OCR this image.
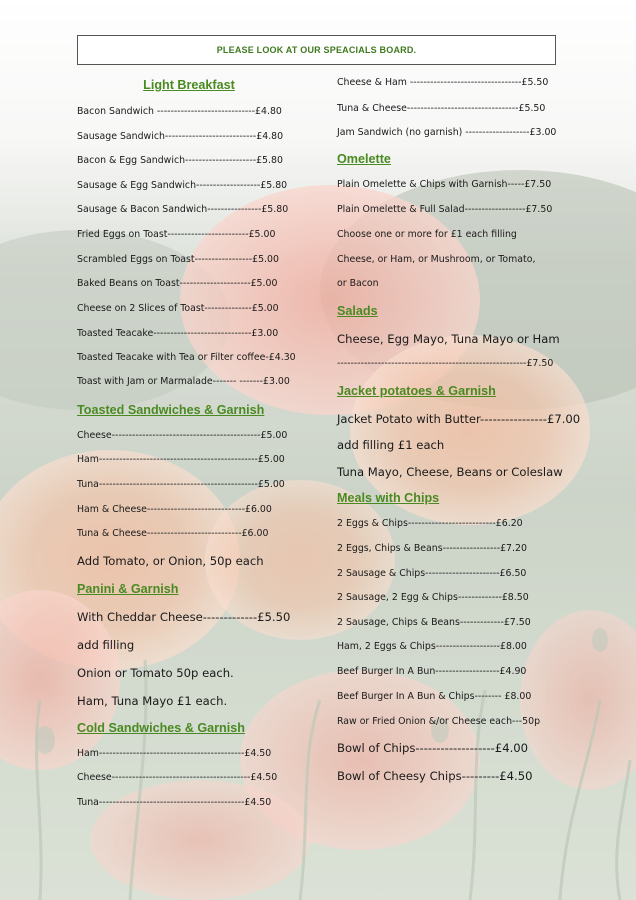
PLEASE LOOK AT OUR SPEACIALS BOARD.
Light Breakfast
Bacon Sandwich -----------------------------£4.80
Sausage Sandwich---------------------------£4.80
Bacon & Egg Sandwich---------------------£5.80
Sausage & Egg Sandwich-------------------£5.80
Sausage & Bacon Sandwich----------------£5.80
Fried Eggs on Toast------------------------£5.00
Scrambled Eggs on Toast-----------------£5.00
Baked Beans on Toast---------------------£5.00
Cheese on 2 Slices of Toast--------------£5.00
Toasted Teacake-----------------------------£3.00
Toasted Teacake with Tea or Filter coffee-£4.30
Toast with Jam or Marmalade------- -------£3.00
Toasted Sandwiches & Garnish
Cheese--------------------------------------------£5.00
Ham-----------------------------------------------£5.00
Tuna-----------------------------------------------£5.00
Ham & Cheese-----------------------------£6.00
Tuna & Cheese----------------------------£6.00
Add Tomato, or Onion, 50p each
Panini & Garnish
With Cheddar Cheese-------------£5.50
add filling
Onion or Tomato 50p each.
Ham, Tuna Mayo £1 each.
Cold Sandwiches & Garnish
Ham-------------------------------------------£4.50
Cheese-----------------------------------------£4.50
Tuna-------------------------------------------£4.50
Cheese & Ham ---------------------------------£5.50
Tuna & Cheese---------------------------------£5.50
Jam Sandwich (no garnish) -------------------£3.00
Omelette
Plain Omelette & Chips with Garnish-----£7.50
Plain Omelette & Full Salad------------------£7.50
Choose one or more for £1 each filling
Cheese, or Ham, or Mushroom, or Tomato,
or Bacon
Salads
Cheese, Egg Mayo, Tuna Mayo or Ham
--------------------------------------------------------£7.50
Jacket potatoes & Garnish
Jacket Potato with Butter----------------£7.00
add filling £1 each
Tuna Mayo, Cheese, Beans or Coleslaw
Meals with Chips
2 Eggs & Chips--------------------------£6.20
2 Eggs, Chips & Beans-----------------£7.20
2 Sausage & Chips----------------------£6.50
2 Sausage, 2 Egg & Chips-------------£8.50
2 Sausage, Chips & Beans-------------£7.50
Ham, 2 Eggs & Chips-------------------£8.00
Beef Burger In A Bun-------------------£4.90
Beef Burger In A Bun & Chips-------- £8.00
Raw or Fried Onion &/or Cheese each---50p
Bowl of Chips-------------------£4.00
Bowl of Cheesy Chips---------£4.50
